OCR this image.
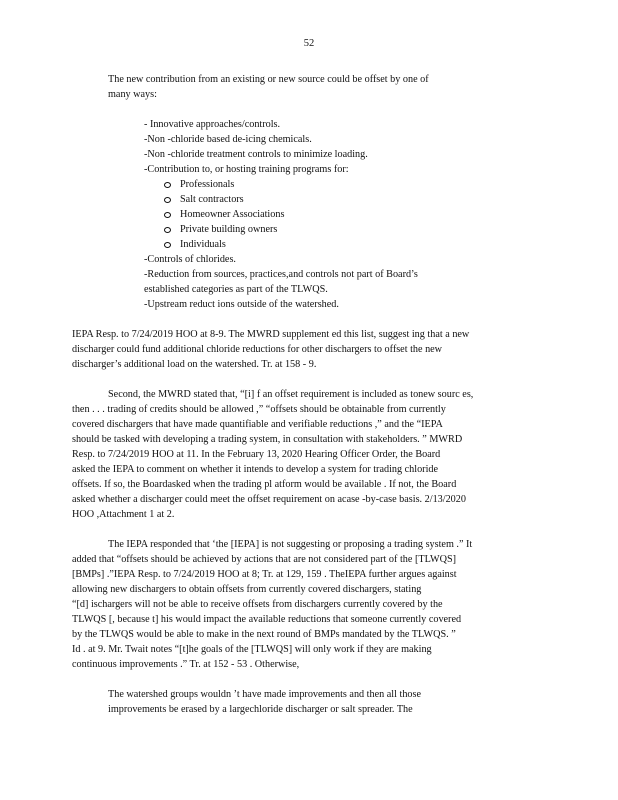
52
The new contribution from an existing or new source could be offset by one of
many ways:
- Innovative approaches/controls.
-Non -chloride based de-icing chemicals.
-Non -chloride treatment controls to minimize loading.
-Contribution to, or hosting training programs for:
Professionals
Salt contractors
Homeowner Associations
Private building owners
Individuals
-Controls of chlorides.
-Reduction from sources, practices,and controls not part of Board’s
established categories as part of the TLWQS.
-Upstream reduct ions outside of the watershed.
IEPA Resp. to 7/24/2019 HOO at 8-9. The MWRD supplement ed this list, suggest ing that a new
discharger could fund additional chloride reductions for other dischargers to offset the new
discharger’s additional load on the watershed. Tr. at 158 - 9.
Second, the MWRD stated that, “[i] f an offset requirement is included as tonew sourc es,
then . . . trading of credits should be allowed ,” “offsets should be obtainable from currently
covered dischargers that have made quantifiable and verifiable reductions ,” and the “IEPA
should be tasked with developing a trading system, in consultation with stakeholders. ” MWRD
Resp. to 7/24/2019 HOO at 11. In the February 13, 2020 Hearing Officer Order, the Board
asked the IEPA to comment on whether it intends to develop a system for trading chloride
offsets. If so, the Boardasked when the trading pl atform would be available . If not, the Board
asked whether a discharger could meet the offset requirement on acase -by-case basis. 2/13/2020
HOO ,Attachment 1 at 2.
The IEPA responded that ‘the [IEPA] is not suggesting or proposing a trading system .” It
added that “offsets should be achieved by actions that are not considered part of the [TLWQS]
[BMPs] .”IEPA Resp. to 7/24/2019 HOO at 8; Tr. at 129, 159 . TheIEPA further argues against
allowing new dischargers to obtain offsets from currently covered dischargers, stating
“[d] ischargers will not be able to receive offsets from dischargers currently covered by the
TLWQS [, because t] his would impact the available reductions that someone currently covered
by the TLWQS would be able to make in the next round of BMPs mandated by the TLWQS. ”
Id . at 9. Mr. Twait notes “[t]he goals of the [TLWQS] will only work if they are making
continuous improvements .” Tr. at 152 - 53 . Otherwise,
The watershed groups wouldn ’t have made improvements and then all those
improvements be erased by a largechloride discharger or salt spreader. The
